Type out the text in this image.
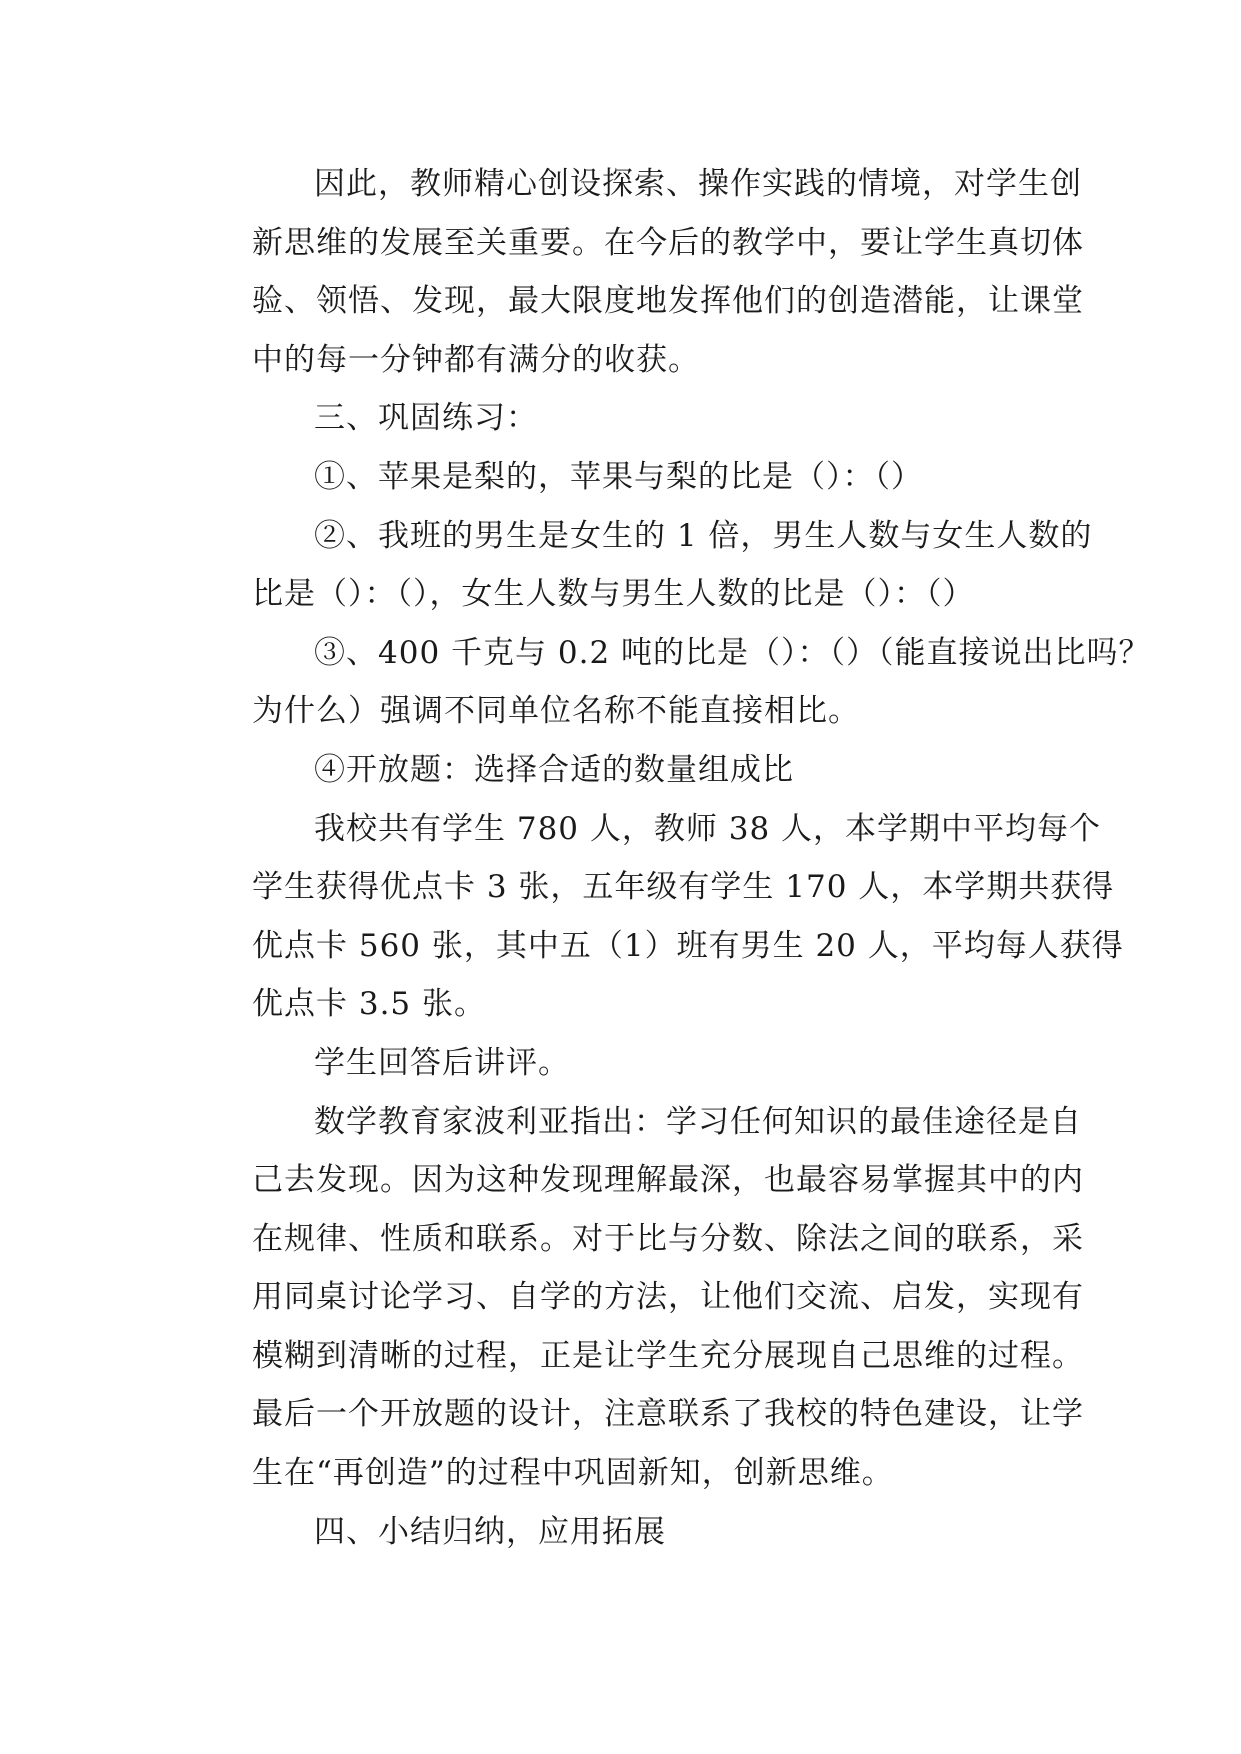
因此，教师精心创设探索、操作实践的情境，对学生创
新思维的发展至关重要。在今后的教学中，要让学生真切体
验、领悟、发现，最大限度地发挥他们的创造潜能，让课堂
中的每一分钟都有满分的收获。
三、巩固练习：
①、苹果是梨的，苹果与梨的比是（）：（）
②、我班的男生是女生的 1 倍，男生人数与女生人数的
比是（）：（），女生人数与男生人数的比是（）：（）
③、400 千克与 0.2 吨的比是（）：（）（能直接说出比吗？
为什么）强调不同单位名称不能直接相比。
④开放题：选择合适的数量组成比
我校共有学生 780 人，教师 38 人，本学期中平均每个
学生获得优点卡 3 张，五年级有学生 170 人，本学期共获得
优点卡 560 张，其中五（1）班有男生 20 人，平均每人获得
优点卡 3.5 张。
学生回答后讲评。
数学教育家波利亚指出：学习任何知识的最佳途径是自
己去发现。因为这种发现理解最深，也最容易掌握其中的内
在规律、性质和联系。对于比与分数、除法之间的联系，采
用同桌讨论学习、自学的方法，让他们交流、启发，实现有
模糊到清晰的过程，正是让学生充分展现自己思维的过程。
最后一个开放题的设计，注意联系了我校的特色建设，让学
生在“再创造”的过程中巩固新知，创新思维。
四、小结归纳，应用拓展
